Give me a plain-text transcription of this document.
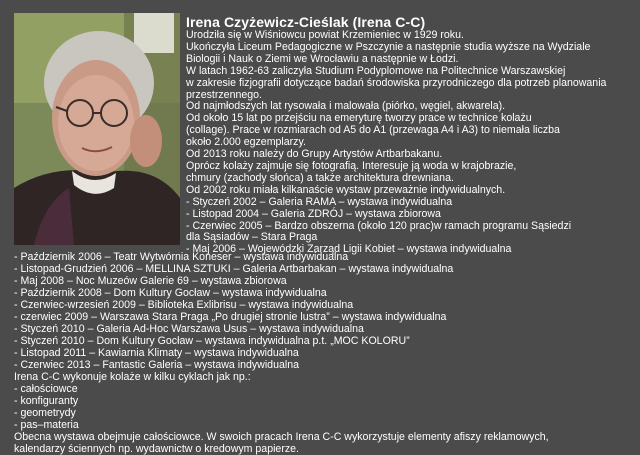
Irena Czyżewicz-Cieślak (Irena C-C)
Urodziła się w Wiśniowcu powiat Krzemieniec w 1929 roku.
Ukończyła Liceum Pedagogiczne w Pszczynie a następnie studia wyższe na Wydziale
Biologii i Nauk o Ziemi we Wrocławiu a następnie w Łodzi.
W latach 1962-63 zaliczyła Studium Podyplomowe na Politechnice Warszawskiej
w zakresie fizjografii dotyczące badań środowiska przyrodniczego dla potrzeb planowania
przestrzennego.
Od najmłodszych lat rysowała i malowała (piórko, węgiel, akwarela).
Od około 15 lat po przejściu na emeryturę tworzy prace w technice kolażu
(collage). Prace w rozmiarach od A5 do A1 (przewaga A4 i A3) to niemała liczba
około 2.000 egzemplarzy.
Od 2013 roku należy do Grupy Artystów Artbarbakanu.
Oprócz kolaży zajmuje się fotografią. Interesuje ją woda w krajobrazie,
chmury (zachody słońca) a także architektura drewniana.
Od 2002 roku miała kilkanaście wystaw przeważnie indywidualnych.
- Styczeń 2002 – Galeria RAMA – wystawa indywidualna
- Listopad 2004 – Galeria ZDRÓJ – wystawa zbiorowa
- Czerwiec 2005 – Bardzo obszerna (około 120 prac)w ramach programu Sąsiedzi
dla Sąsiadów – Stara Praga
- Maj 2006 – Wojewódzki Zarząd Ligii Kobiet – wystawa indywidualna
- Październik 2006 – Teatr Wytwórnia Koneser – wystawa indywidualna
- Listopad-Grudzień 2006 – MELLINA SZTUKI – Galeria Artbarbakan – wystawa indywidualna
- Maj 2008 – Noc Muzeów Galerie 69 – wystawa zbiorowa
- Październik 2008 – Dom Kultury Gocław – wystawa indywidualna
- Czerwiec-wrzesień 2009 – Biblioteka Exlibrisu – wystawa indywidualna
- czerwiec 2009 – Warszawa Stara Praga „Po drugiej stronie lustra” – wystawa indywidualna
- Styczeń 2010 – Galeria Ad-Hoc Warszawa Usus – wystawa indywidualna
- Styczeń 2010 – Dom Kultury Gocław – wystawa indywidualna p.t. „MOC KOLORU”
- Listopad 2011 – Kawiarnia Klimaty – wystawa indywidualna
- Czerwiec 2013 – Fantastic Galeria – wystawa indywidualna
Irena C-C wykonuje kolaże w kilku cyklach jak np.:
- całościowce
- konfiguranty
- geometrydy
- pas–materia
Obecna wystawa obejmuje całościowce. W swoich pracach Irena C-C wykorzystuje elementy afiszy reklamowych,
kalendarzy ściennych np. wydawnictw o kredowym papierze.
